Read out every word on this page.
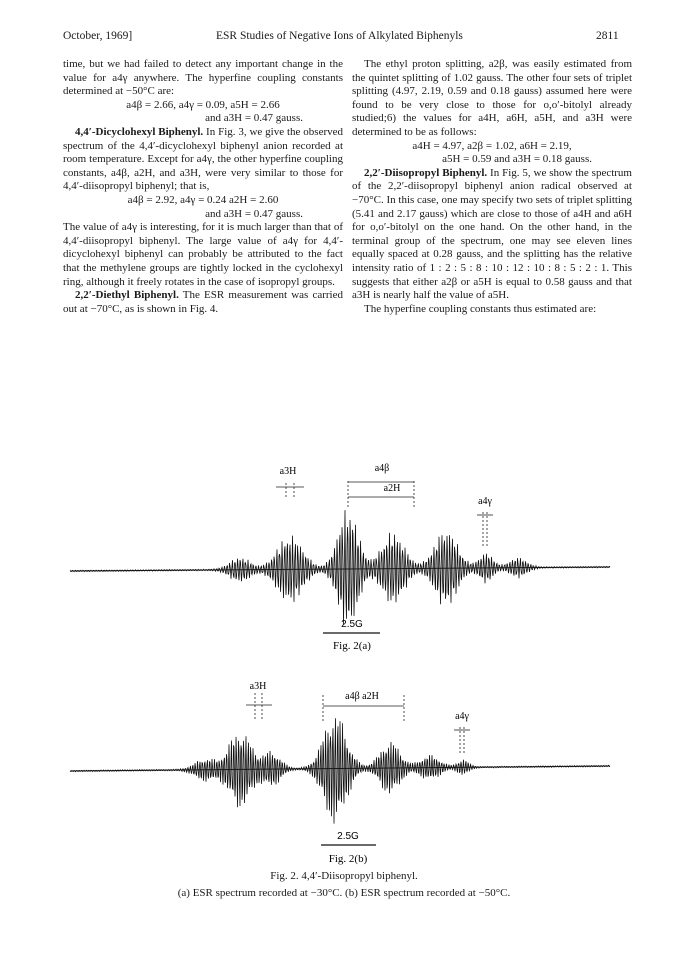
October, 1969]	ESR Studies of Negative Ions of Alkylated Biphenyls	2811

time, but we had failed to detect any important change in the value for a4γ anywhere. The hyperfine coupling constants determined at −50°C are:

a4β = 2.66, a4γ = 0.09, a5H = 2.66

and a3H = 0.47 gauss.

4,4′-Dicyclohexyl Biphenyl. In Fig. 3, we give the observed spectrum of the 4,4′-dicyclohexyl biphenyl anion recorded at room temperature. Except for a4γ, the other hyperfine coupling constants, a4β, a2H, and a3H, were very similar to those for 4,4′-diisopropyl biphenyl; that is,

a4β = 2.92, a4γ = 0.24 a2H = 2.60

and a3H = 0.47 gauss.

The value of a4γ is interesting, for it is much larger than that of 4,4′-diisopropyl biphenyl. The large value of a4γ for 4,4′-dicyclohexyl biphenyl can probably be attributed to the fact that the methylene groups are tightly locked in the cyclohexyl ring, although it freely rotates in the case of isopropyl groups.

2,2′-Diethyl Biphenyl. The ESR measurement was carried out at −70°C, as is shown in Fig. 4.

The ethyl proton splitting, a2β, was easily estimated from the quintet splitting of 1.02 gauss. The other four sets of triplet splitting (4.97, 2.19, 0.59 and 0.18 gauss) assumed here were found to be very close to those for o,o′-bitolyl already studied;6) the values for a4H, a6H, a5H, and a3H were determined to be as follows:

a4H = 4.97, a2β = 1.02, a6H = 2.19,

a5H = 0.59 and a3H = 0.18 gauss.

2,2′-Diisopropyl Biphenyl. In Fig. 5, we show the spectrum of the 2,2′-diisopropyl biphenyl anion radical observed at −70°C. In this case, one may specify two sets of triplet splitting (5.41 and 2.17 gauss) which are close to those of a4H and a6H for o,o′-bitolyl on the one hand. On the other hand, in the terminal group of the spectrum, one may see eleven lines equally spaced at 0.28 gauss, and the splitting has the relative intensity ratio of 1 : 2 : 5 : 8 : 10 : 12 : 10 : 8 : 5 : 2 : 1. This suggests that either a2β or a5H is equal to 0.58 gauss and that a3H is nearly half the value of a5H.

The hyperfine coupling constants thus estimated are:

a3H	a4β
a2H
a4γ
2.5G
Fig. 2(a)
a3H
a4β a2H
a4γ
2.5G
Fig. 2(b)
Fig. 2. 4,4′-Diisopropyl biphenyl.
(a) ESR spectrum recorded at −30°C. (b) ESR spectrum recorded at −50°C.
